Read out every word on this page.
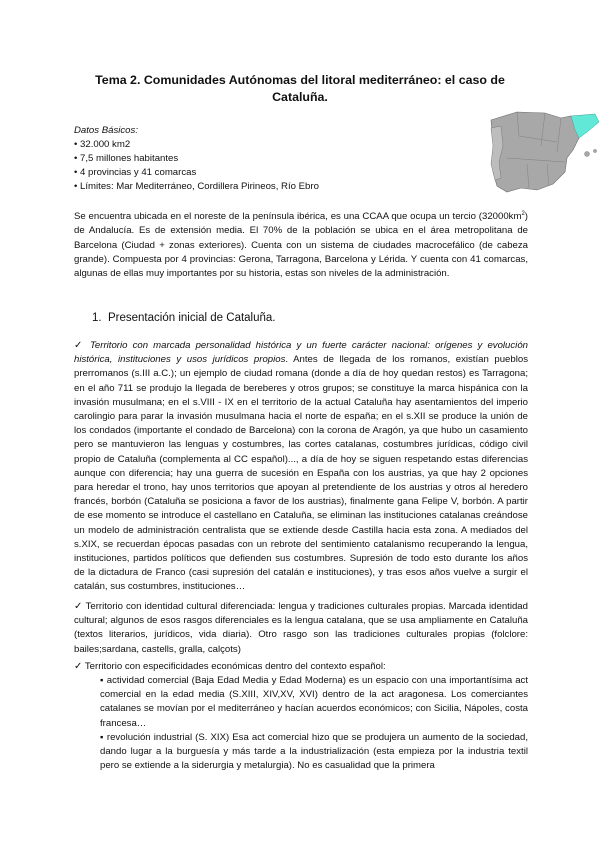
Tema 2. Comunidades Autónomas del litoral mediterráneo: el caso de Cataluña.
Datos Básicos:
• 32.000 km2
• 7,5 millones habitantes
• 4 provincias y 41 comarcas
• Límites: Mar Mediterráneo, Cordillera Pirineos, Río Ebro
Se encuentra ubicada en el noreste de la península ibérica, es una CCAA que ocupa un tercio $(32000km^2)$ de Andalucía. Es de extensión media. El 70% de la población se ubica en el área metropolitana de Barcelona (Ciudad + zonas exteriores). Cuenta con un sistema de ciudades macrocefálico (de cabeza grande). Compuesta por 4 provincias: Gerona, Tarragona, Barcelona y Lérida. Y cuenta con 41 comarcas, algunas de ellas muy importantes por su historia, estas son niveles de la administración.
1. Presentación inicial de Cataluña.
✓ Territorio con marcada personalidad histórica y un fuerte carácter nacional: orígenes y evolución histórica, instituciones y usos jurídicos propios. Antes de llegada de los romanos, existían pueblos prerromanos (s.III a.C.); un ejemplo de ciudad romana (donde a día de hoy quedan restos) es Tarragona; en el año 711 se produjo la llegada de bereberes y otros grupos; se constituye la marca hispánica con la invasión musulmana; en el s.VIII - IX en el territorio de la actual Cataluña hay asentamientos del imperio carolingio para parar la invasión musulmana hacia el norte de españa; en el s.XII se produce la unión de los condados (importante el condado de Barcelona) con la corona de Aragón, ya que hubo un casamiento pero se mantuvieron las lenguas y costumbres, las cortes catalanas, costumbres jurídicas, código civil propio de Cataluña (complementa al CC español)..., a día de hoy se siguen respetando estas diferencias aunque con diferencia; hay una guerra de sucesión en España con los austrias, ya que hay 2 opciones para heredar el trono, hay unos territorios que apoyan al pretendiente de los austrias y otros al heredero francés, borbón (Cataluña se posiciona a favor de los austrias), finalmente gana Felipe V, borbón. A partir de ese momento se introduce el castellano en Cataluña, se eliminan las instituciones catalanas creándose un modelo de administración centralista que se extiende desde Castilla hacia esta zona. A mediados del s.XIX, se recuerdan épocas pasadas con un rebrote del sentimiento catalanismo recuperando la lengua, instituciones, partidos políticos que defienden sus costumbres. Supresión de todo esto durante los años de la dictadura de Franco (casi supresión del catalán e instituciones), y tras esos años vuelve a surgir el catalán, sus costumbres, instituciones…
✓ Territorio con identidad cultural diferenciada: lengua y tradiciones culturales propias. Marcada identidad cultural; algunos de esos rasgos diferenciales es la lengua catalana, que se usa ampliamente en Cataluña (textos literarios, jurídicos, vida diaria). Otro rasgo son las tradiciones culturales propias (folclore: bailes;sardana, castells, gralla, calçots)
✓ Territorio con especificidades económicas dentro del contexto español:
▪ actividad comercial (Baja Edad Media y Edad Moderna) es un espacio con una importantísima act comercial en la edad media (S.XIII, XIV,XV, XVI) dentro de la act aragonesa. Los comerciantes catalanes se movían por el mediterráneo y hacían acuerdos económicos; con Sicilia, Nápoles, costa francesa…
▪ revolución industrial (S. XIX) Esa act comercial hizo que se produjera un aumento de la sociedad, dando lugar a la burguesía y más tarde a la industrialización (esta empieza por la industria textil pero se extiende a la siderurgia y metalurgia). No es casualidad que la primera
